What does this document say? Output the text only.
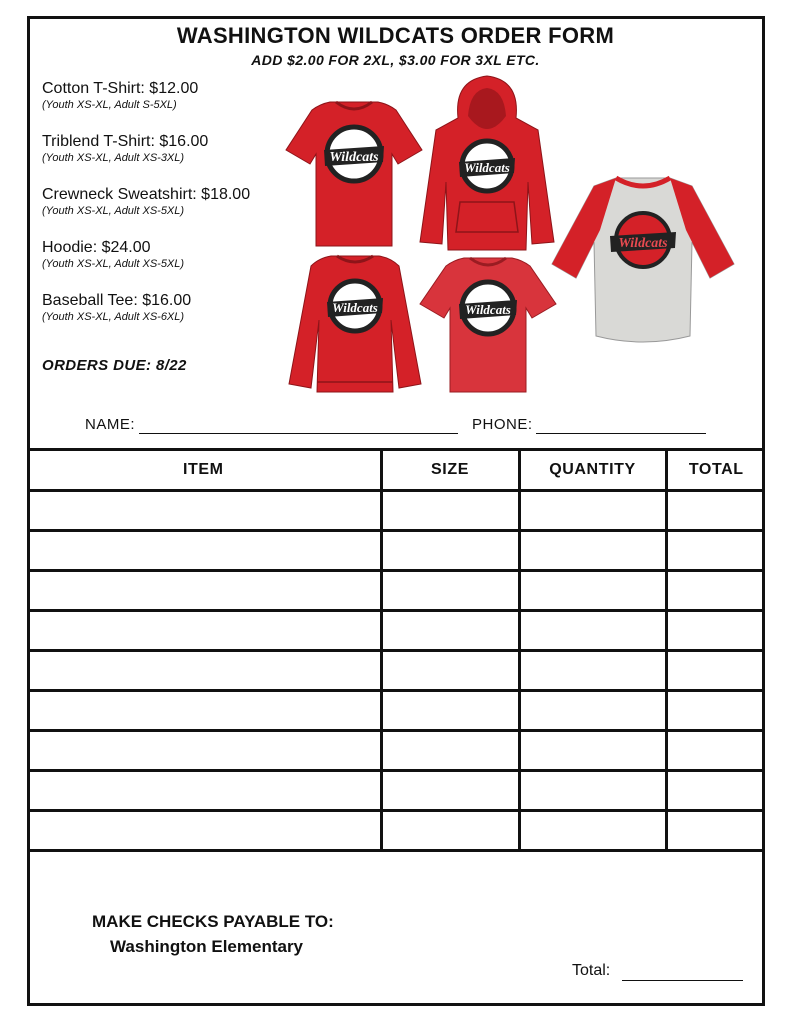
WASHINGTON WILDCATS ORDER FORM
ADD $2.00 FOR 2XL, $3.00 FOR 3XL ETC.
Cotton T-Shirt: $12.00
(Youth XS-XL, Adult S-5XL)
Triblend T-Shirt: $16.00
(Youth XS-XL, Adult XS-3XL)
Crewneck Sweatshirt: $18.00
(Youth XS-XL, Adult XS-5XL)
Hoodie: $24.00
(Youth XS-XL, Adult XS-5XL)
Baseball Tee: $16.00
(Youth XS-XL, Adult XS-6XL)
ORDERS DUE: 8/22
Wildcats
Wildcats
Wildcats
Wildcats	Wildcats
NAME:	PHONE:
ITEM	SIZE	QUANTITY	TOTAL

MAKE CHECKS PAYABLE TO:
Washington Elementary
Total:
